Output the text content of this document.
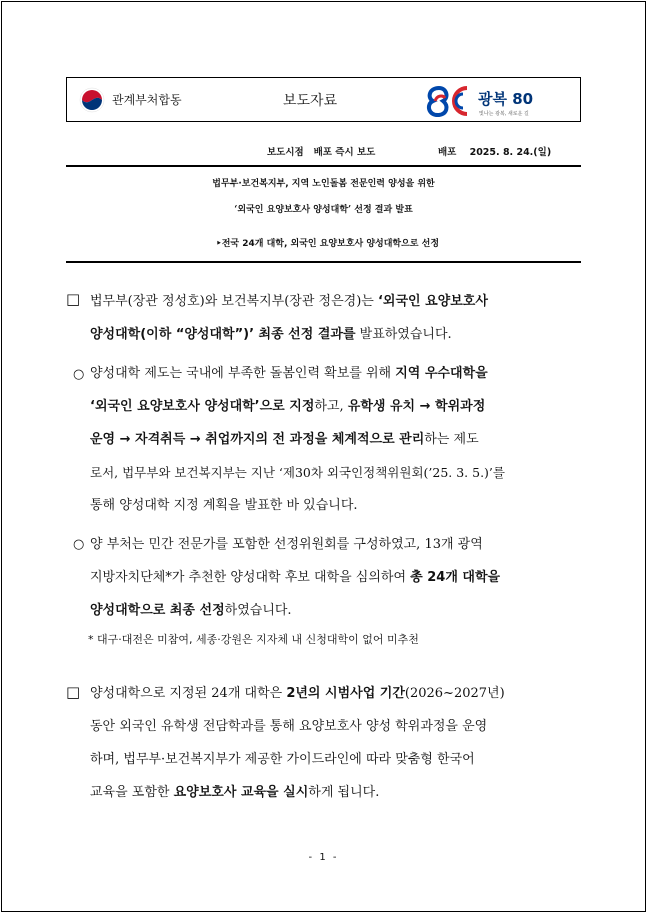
관계부처합동	보도자료	광복 80
빛나는 광복, 새로운 길
보도시점   배포 즉시 보도	배포    2025. 8. 24.(일)
법무부·보건복지부, 지역 노인돌봄 전문인력 양성을 위한
‘외국인 요양보호사 양성대학’ 선정 결과 발표
‣전국 24개 대학, 외국인 요양보호사 양성대학으로 선정
□ 법무부(장관 정성호)와 보건복지부(장관 정은경)는 ‘외국인 요양보호사
양성대학(이하 “양성대학”)’ 최종 선정 결과를 발표하였습니다.
○ 양성대학 제도는 국내에 부족한 돌봄인력 확보를 위해 지역 우수대학을
‘외국인 요양보호사 양성대학’으로 지정하고, 유학생 유치 → 학위과정
운영 → 자격취득 → 취업까지의 전 과정을 체계적으로 관리하는 제도
로서, 법무부와 보건복지부는 지난 ‘제30차 외국인정책위원회(’25. 3. 5.)’를
통해 양성대학 지정 계획을 발표한 바 있습니다.
○ 양 부처는 민간 전문가를 포함한 선정위원회를 구성하였고, 13개 광역
지방자치단체*가 추천한 양성대학 후보 대학을 심의하여 총 24개 대학을
양성대학으로 최종 선정하였습니다.
* 대구·대전은 미참여, 세종·강원은 지자체 내 신청대학이 없어 미추천
□ 양성대학으로 지정된 24개 대학은 2년의 시범사업 기간(2026~2027년)
동안 외국인 유학생 전담학과를 통해 요양보호사 양성 학위과정을 운영
하며, 법무부·보건복지부가 제공한 가이드라인에 따라 맞춤형 한국어
교육을 포함한 요양보호사 교육을 실시하게 됩니다.
- 1 -
